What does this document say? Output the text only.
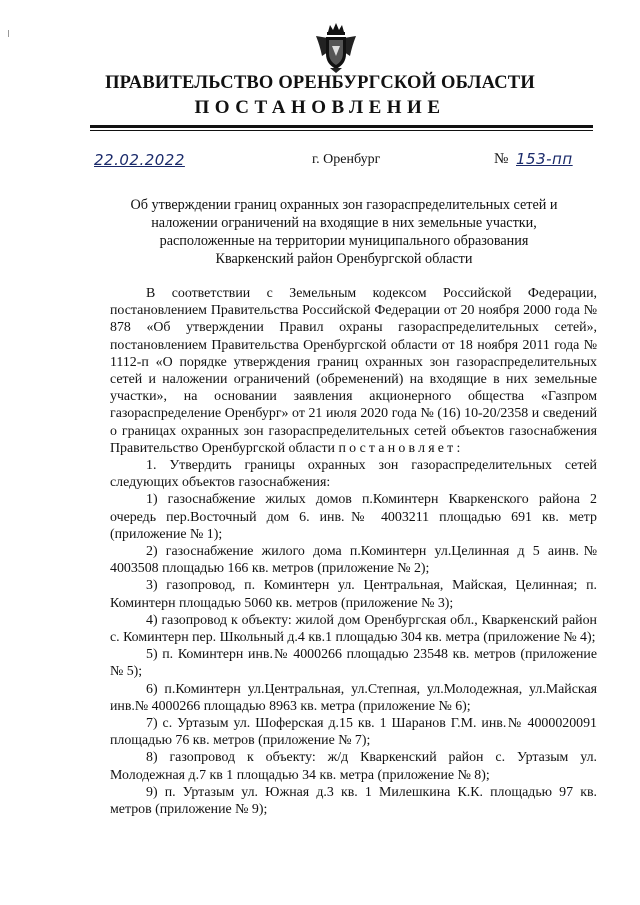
ПРАВИТЕЛЬСТВО ОРЕНБУРГСКОЙ ОБЛАСТИ
ПОСТАНОВЛЕНИЕ
22.02.2022	г. Оренбург	№ 153-пп
Об утверждении границ охранных зон газораспределительных сетей и
наложении ограничений на входящие в них земельные участки,
расположенные на территории муниципального образования
Кваркенский район Оренбургской области

В соответствии с Земельным кодексом Российской Федерации, постановлением Правительства Российской Федерации от 20 ноября 2000 года № 878 «Об утверждении Правил охраны газораспределительных сетей», постановлением Правительства Оренбургской области от 18 ноября 2011 года № 1112-п «О порядке утверждения границ охранных зон газораспределительных сетей и наложении ограничений (обременений) на входящие в них земельные участки», на основании заявления акционерного общества «Газпром газораспределение Оренбург» от 21 июля 2020 года № (16) 10-20/2358 и сведений о границах охранных зон газораспределительных сетей объектов газоснабжения Правительство Оренбургской области постановляет:

1. Утвердить границы охранных зон газораспределительных сетей следующих объектов газоснабжения:

1) газоснабжение жилых домов п.Коминтерн Кваркенского района 2 очередь пер.Восточный дом 6. инв.№ 4003211 площадью 691 кв. метр (приложение № 1);

2) газоснабжение жилого дома п.Коминтерн ул.Целинная д 5 аинв.№ 4003508 площадью 166 кв. метров (приложение № 2);

3) газопровод, п. Коминтерн ул. Центральная, Майская, Целинная; п. Коминтерн площадью 5060 кв. метров (приложение № 3);

4) газопровод к объекту: жилой дом Оренбургская обл., Кваркенский район с. Коминтерн пер. Школьный д.4 кв.1 площадью 304 кв. метра (приложение № 4);

5) п. Коминтерн инв.№ 4000266 площадью 23548 кв. метров (приложение № 5);

6) п.Коминтерн ул.Центральная, ул.Степная, ул.Молодежная, ул.Майская инв.№ 4000266 площадью 8963 кв. метра (приложение № 6);

7) с. Уртазым ул. Шоферская д.15 кв. 1 Шаранов Г.М. инв.№ 4000020091 площадью 76 кв. метров (приложение № 7);

8) газопровод к объекту: ж/д Кваркенский район с. Уртазым ул. Молодежная д.7 кв 1 площадью 34 кв. метра (приложение № 8);

9) п. Уртазым ул. Южная д.3 кв. 1 Милешкина К.К. площадью 97 кв. метров (приложение № 9);
